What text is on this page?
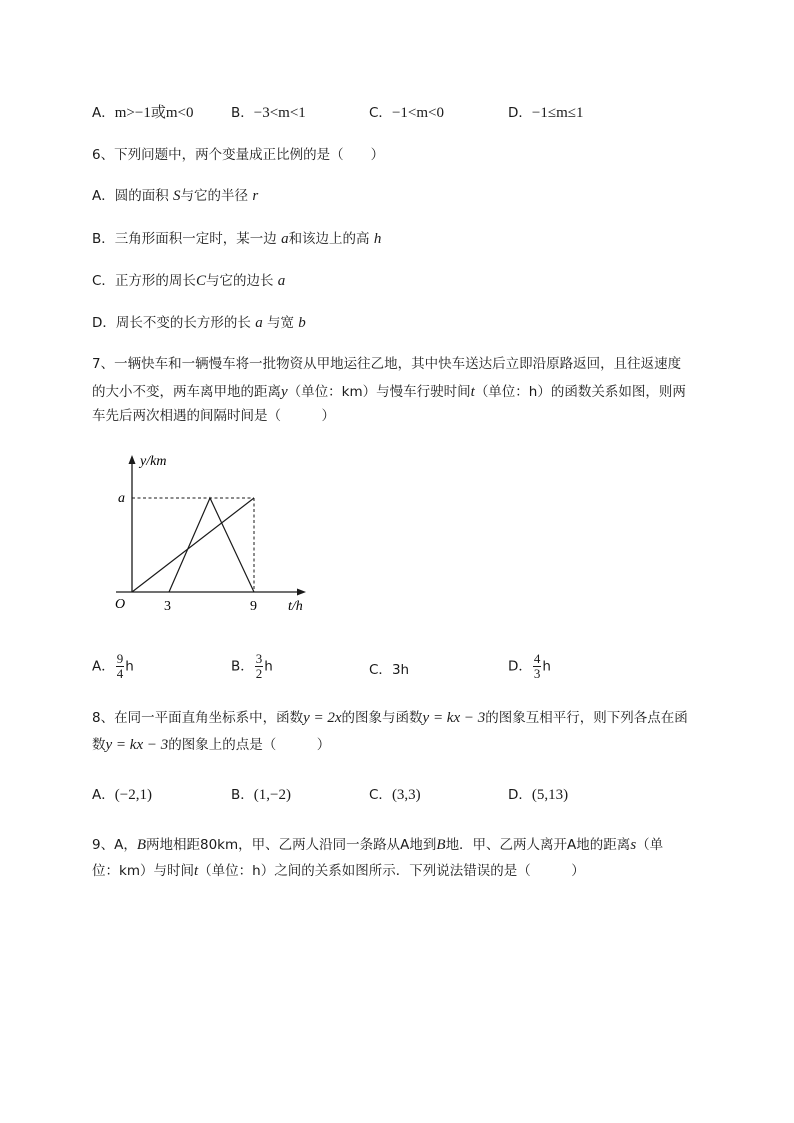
A．m>−1或m<0	B．−3<m<1	C．−1<m<0	D．−1≤m≤1
6、下列问题中，两个变量成正比例的是（　　）
A．圆的面积 S与它的半径 r
B．三角形面积一定时，某一边 a和该边上的高 h
C．正方形的周长C与它的边长 a
D．周长不变的长方形的长 a 与宽 b
7、一辆快车和一辆慢车将一批物资从甲地运往乙地，其中快车送达后立即沿原路返回，且往返速度
的大小不变，两车离甲地的距离y（单位：km）与慢车行驶时间t（单位：h）的函数关系如图，则两
车先后两次相遇的间隔时间是（　　　）
y/km
a
O	3	9 t/h
A． $\frac{9}{4}$ h	B． $\frac{3}{2}$ h	C．3h	D． $\frac{4}{3}$ h
8、在同一平面直角坐标系中，函数y = 2x的图象与函数y = kx − 3的图象互相平行，则下列各点在函
数y = kx − 3的图象上的点是（　　　）
A．(−2,1)	B．(1,−2)	C．(3,3)	D．(5,13)
9、A，B两地相距80km，甲、乙两人沿同一条路从A地到B地．甲、乙两人离开A地的距离s（单
位：km）与时间t（单位：h）之间的关系如图所示．下列说法错误的是（　　　）
